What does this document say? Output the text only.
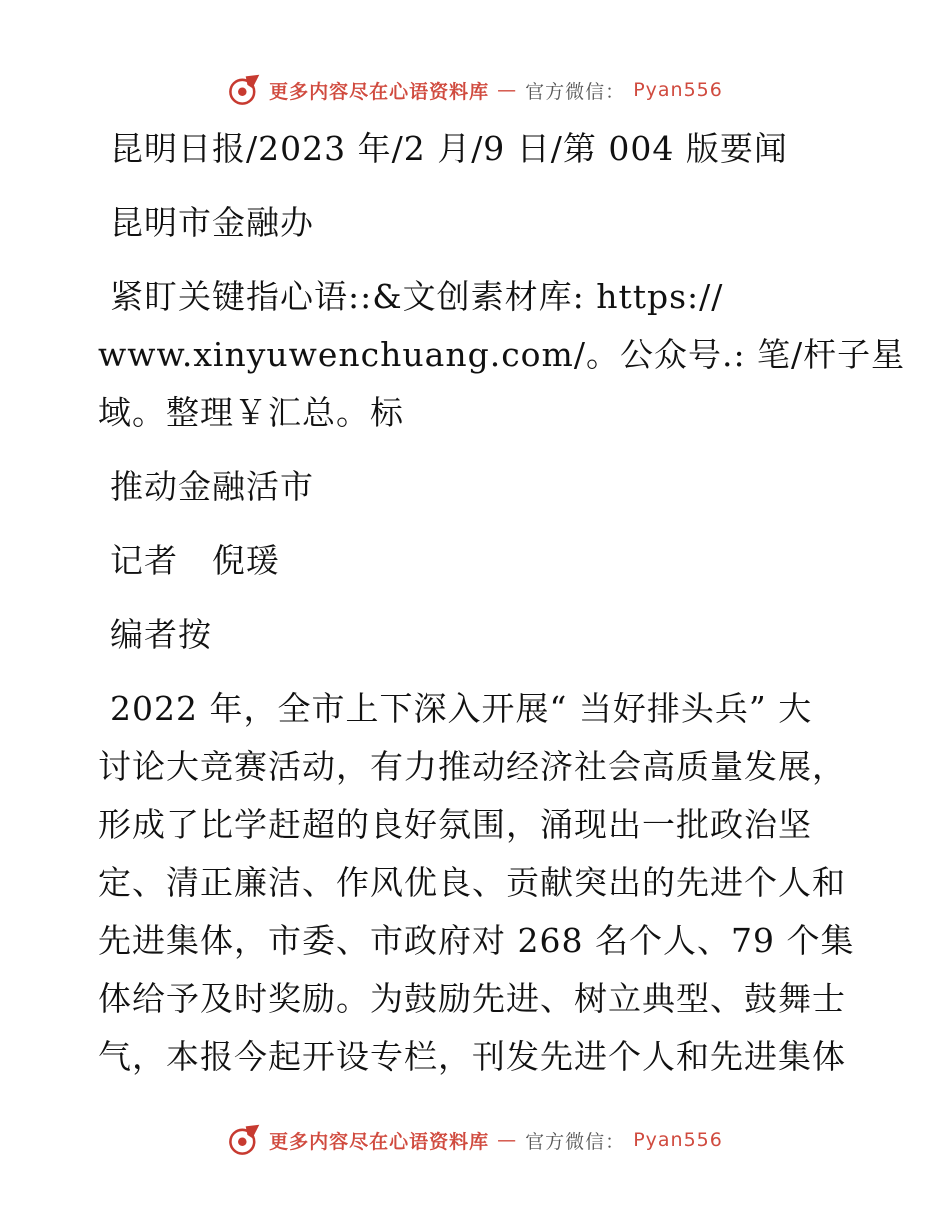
更多内容尽在心语资料库 — 官方微信： Pyan556
昆明日报/2023 年/2 月/9 日/第 004 版要闻
昆明市金融办
紧盯关键指心语::&文创素材库: https://
www.xinyuwenchuang.com/。公众号.: 笔/杆子星
域。整理￥汇总。标
推动金融活市
记者　倪瑗
编者按
2022 年，全市上下深入开展“ 当好排头兵” 大
讨论大竞赛活动，有力推动经济社会高质量发展，
形成了比学赶超的良好氛围，涌现出一批政治坚
定、清正廉洁、作风优良、贡献突出的先进个人和
先进集体，市委、市政府对 268 名个人、79 个集
体给予及时奖励。为鼓励先进、树立典型、鼓舞士
气，本报今起开设专栏，刊发先进个人和先进集体
更多内容尽在心语资料库 — 官方微信： Pyan556
